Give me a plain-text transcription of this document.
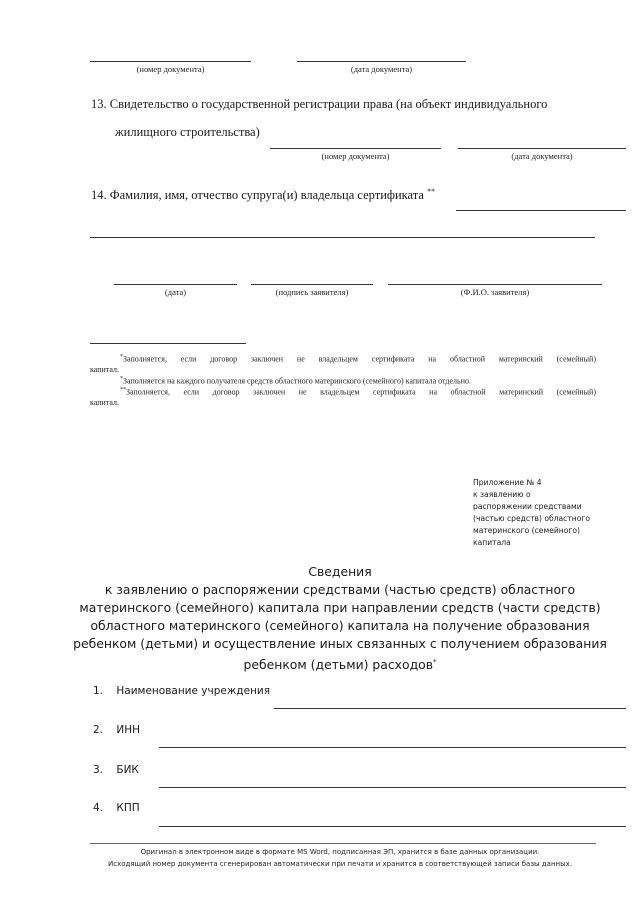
(номер документа)	(дата документа)
13. Свидетельство о государственной регистрации права (на объект индивидуального
жилищного строительства)
(номер документа)	(дата документа)
14. Фамилия, имя, отчество супруга(и) владельца сертификата **
(дата)	(подпись заявителя)	(Ф.И.О. заявителя)
*Заполняется, если договор заключен не владельцем сертификата на областной материнский (семейный)
капитал.
*Заполняется на каждого получателя средств областного материнского (семейного) капитала отдельно.
**Заполняется, если договор заключен не владельцем сертификата на областной материнский (семейный)
капитал.
Приложение № 4
к заявлению о
распоряжении средствами
(частью средств) областного
материнского (семейного)
капитала
Сведения
к заявлению о распоряжении средствами (частью средств) областного
материнского (семейного) капитала при направлении средств (части средств)
областного материнского (семейного) капитала на получение образования
ребенком (детьми) и осуществление иных связанных с получением образования
ребенком (детьми) расходов*
1. Наименование учреждения
2. ИНН
3. БИК
4. КПП
Оригинал в электронном виде в формате MS Word, подписанная ЭП, хранится в базе данных организации.
Исходящий номер документа сгенерирован автоматически при печати и хранится в соответствующей записи базы данных.
